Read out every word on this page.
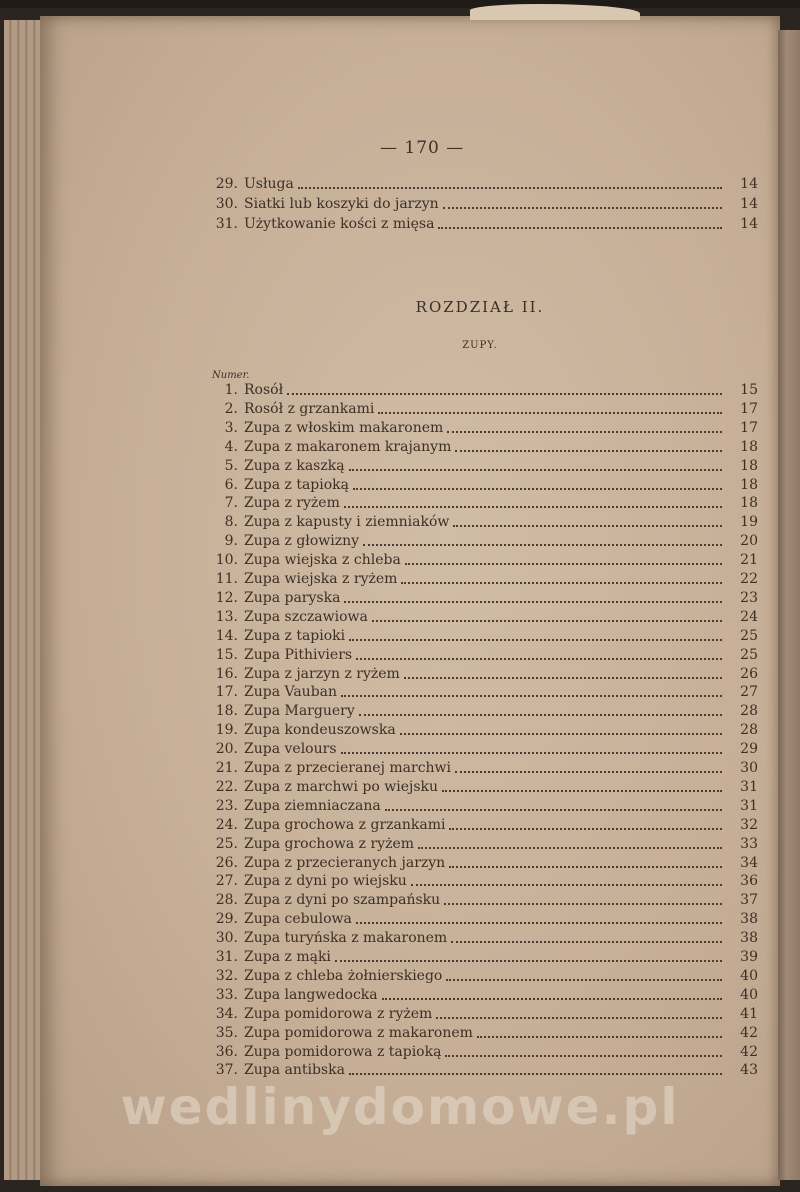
— 170 —
29. Usługa	14
30. Siatki lub koszyki do jarzyn	14
31. Użytkowanie kości z mięsa	14
ROZDZIAŁ II.
ZUPY.
Numer.
1. Rosół	15
2. Rosół z grzankami	17
3. Zupa z włoskim makaronem	17
4. Zupa z makaronem krajanym	18
5. Zupa z kaszką	18
6. Zupa z tapioką	18
7. Zupa z ryżem	18
8. Zupa z kapusty i ziemniaków	19
9. Zupa z głowizny	20
10. Zupa wiejska z chleba	21
11. Zupa wiejska z ryżem	22
12. Zupa paryska	23
13. Zupa szczawiowa	24
14. Zupa z tapioki	25
15. Zupa Pithiviers	25
16. Zupa z jarzyn z ryżem	26
17. Zupa Vauban	27
18. Zupa Marguery	28
19. Zupa kondeuszowska	28
20. Zupa velours	29
21. Zupa z przecieranej marchwi	30
22. Zupa z marchwi po wiejsku	31
23. Zupa ziemniaczana	31
24. Zupa grochowa z grzankami	32
25. Zupa grochowa z ryżem	33
26. Zupa z przecieranych jarzyn	34
27. Zupa z dyni po wiejsku	36
28. Zupa z dyni po szampańsku	37
29. Zupa cebulowa	38
30. Zupa turyńska z makaronem	38
31. Zupa z mąki	39
32. Zupa z chleba żołnierskiego	40
33. Zupa langwedocka	40
34. Zupa pomidorowa z ryżem	41
35. Zupa pomidorowa z makaronem	42
36. Zupa pomidorowa z tapioką	42
37. Zupa antibska	43
wedlinydomowe.pl
